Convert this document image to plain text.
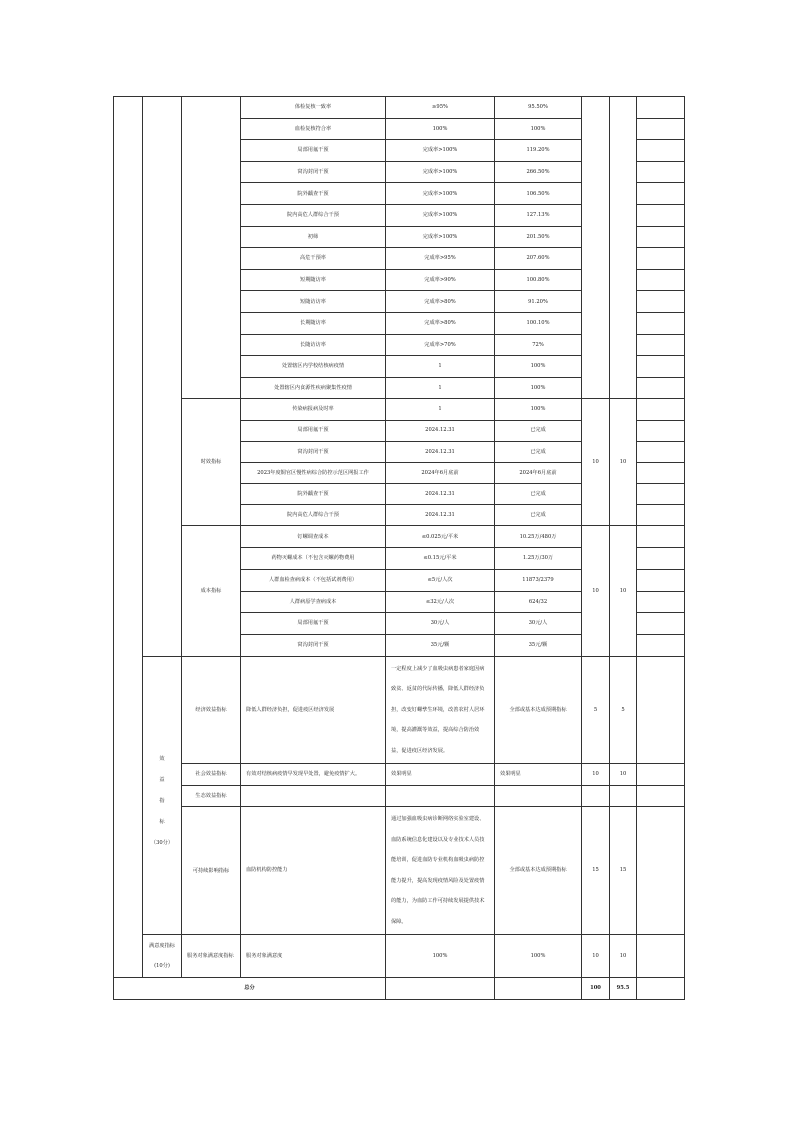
			体检复核一致率	≥95%	95.50%			
			血检复核符合率	100%	100%			
			局部用氟干预	完成率>100%	119.20%			
			窝沟封闭干预	完成率>100%	266.50%			
			院外龋查干预	完成率>100%	106.50%			
			院内高危人群综合干预	完成率>100%	127.13%			
			初筛	完成率>100%	201.50%			
			高危干预率	完成率>95%	207.60%			
			短期随访率	完成率>90%	100.80%			
			短随访访率	完成率>80%	91.20%			
			长期随访率	完成率>80%	100.10%			
			长随访访率	完成率>70%	72%			
			处置辖区内学校结核病疫情	1	100%			
			处置辖区内食源性疾病聚集性疫情	1	100%			
		时效指标	传染病报病及时率	1	100%	10	10	
			局部用氟干预	2024.12.31	已完成			
			窝沟封闭干预	2024.12.31	已完成			
			2023年度铜官区慢性病综合防控示范区网报工作	2024年6月底前	2024年6月底前			
			院外龋查干预	2024.12.31	已完成			
			院内高危人群综合干预	2024.12.31	已完成			
		成本指标	钉螺调查成本	≤0.025元/平米	10.25万/480万	10	10	
			药物灭螺成本（不包含灭螺药物费用	≤0.15元/平米	1.25万/30万			
			人群血检查病成本（不包括试剂费用）	≤5元/人次	11873/2379			
			人群病原学查病成本	≤32元/人次	624/32			
			局部用氟干预	30元/人	30元/人			
			窝沟封闭干预	35元/颗	35元/颗			

	效
益
指
标
（30分）	经济效益指标	降低人群经济负担，促进疫区经济发展	一定程度上减少了血吸虫病患者家庭因病致贫、返贫的代际传播，降低人群经济负担，改变钉螺孳生环境，改善农村人居环境，提高灌溉等效益，提高综合防治效益，促进疫区经济发展。	全部或基本达成预期指标	5	5	
		社会效益指标	有效对结核病疫情早发现早处置，避免疫情扩大。	效果明显	效果明显	10	10	
		生态效益指标						
		可持续影响指标	血防机构防控能力	通过加强血吸虫病诊断网络实验室建设、血防系统信息化建设以及专业技术人员技能培训，促进血防专业机构血吸虫病防控能力提升，提高发现疫情风险及处置疫情的能力，为血防工作可持续发展提供技术保障。	全部或基本达成预期指标	15	15	
	满意度指标(10分)	服务对象满意度指标	服务对象满意度	100%	100%	10	10	
总分						100	95.5	
